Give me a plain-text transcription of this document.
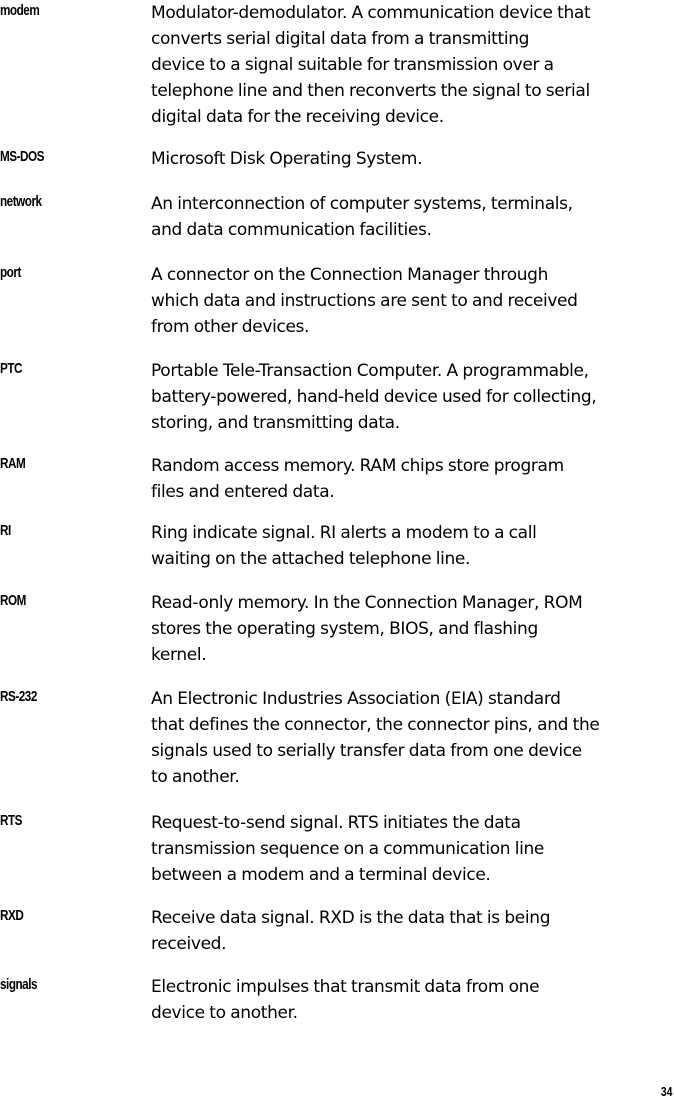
modem	Modulator-demodulator. A communication device that
converts serial digital data from a transmitting
device to a signal suitable for transmission over a
telephone line and then reconverts the signal to serial
digital data for the receiving device.
MS-DOS	Microsoft Disk Operating System.
network	An interconnection of computer systems, terminals,
and data communication facilities.
port	A connector on the Connection Manager through
which data and instructions are sent to and received
from other devices.
PTC	Portable Tele-Transaction Computer. A programmable,
battery-powered, hand-held device used for collecting,
storing, and transmitting data.
RAM	Random access memory. RAM chips store program
files and entered data.
RI	Ring indicate signal. RI alerts a modem to a call
waiting on the attached telephone line.
ROM	Read-only memory. In the Connection Manager, ROM
stores the operating system, BIOS, and flashing
kernel.
RS-232	An Electronic Industries Association (EIA) standard
that defines the connector, the connector pins, and the
signals used to serially transfer data from one device
to another.
RTS	Request-to-send signal. RTS initiates the data
transmission sequence on a communication line
between a modem and a terminal device.
RXD	Receive data signal. RXD is the data that is being
received.
signals	Electronic impulses that transmit data from one
device to another.
34
